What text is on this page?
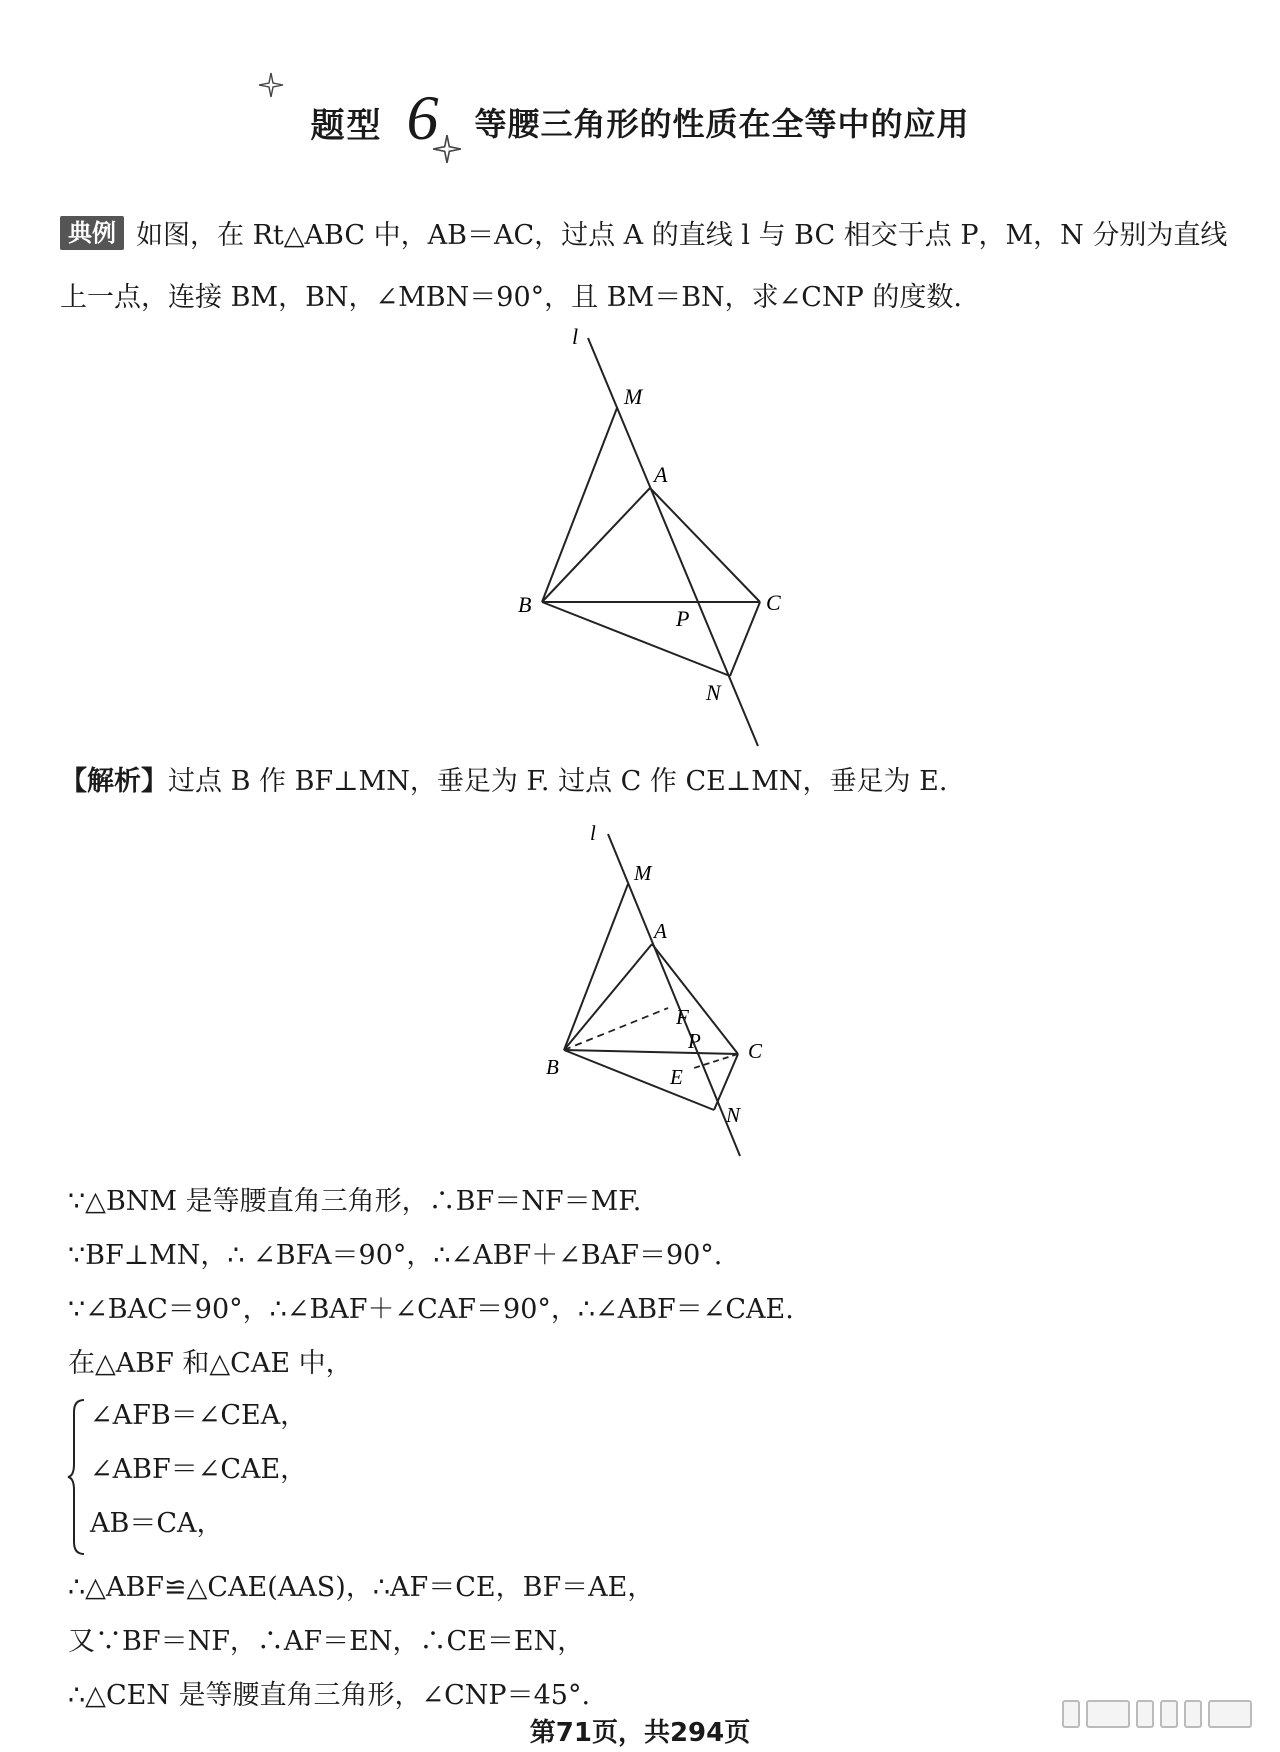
题型 6 等腰三角形的性质在全等中的应用
典例 如图，在 Rt△ABC 中，AB＝AC，过点 A 的直线 l 与 BC 相交于点 P，M，N 分别为直线上一点，连接 BM，BN，∠MBN＝90°，且 BM＝BN，求∠CNP 的度数.
l
M
A
B	C
P
N
【解析】过点 B 作 BF⊥MN，垂足为 F. 过点 C 作 CE⊥MN，垂足为 E.
l
M
A
F
P
B
C
E
N
∵△BNM 是等腰直角三角形，∴BF＝NF＝MF.
∵BF⊥MN，∴ ∠BFA＝90°，∴∠ABF＋∠BAF＝90°.
∵∠BAC＝90°，∴∠BAF＋∠CAF＝90°，∴∠ABF＝∠CAE.
在△ABF 和△CAE 中，
∠AFB＝∠CEA，
∠ABF＝∠CAE，
AB＝CA，
∴△ABF≌△CAE(AAS)，∴AF＝CE，BF＝AE，
又∵BF＝NF，∴AF＝EN，∴CE＝EN，
∴△CEN 是等腰直角三角形，∠CNP＝45°.
第71页，共294页
